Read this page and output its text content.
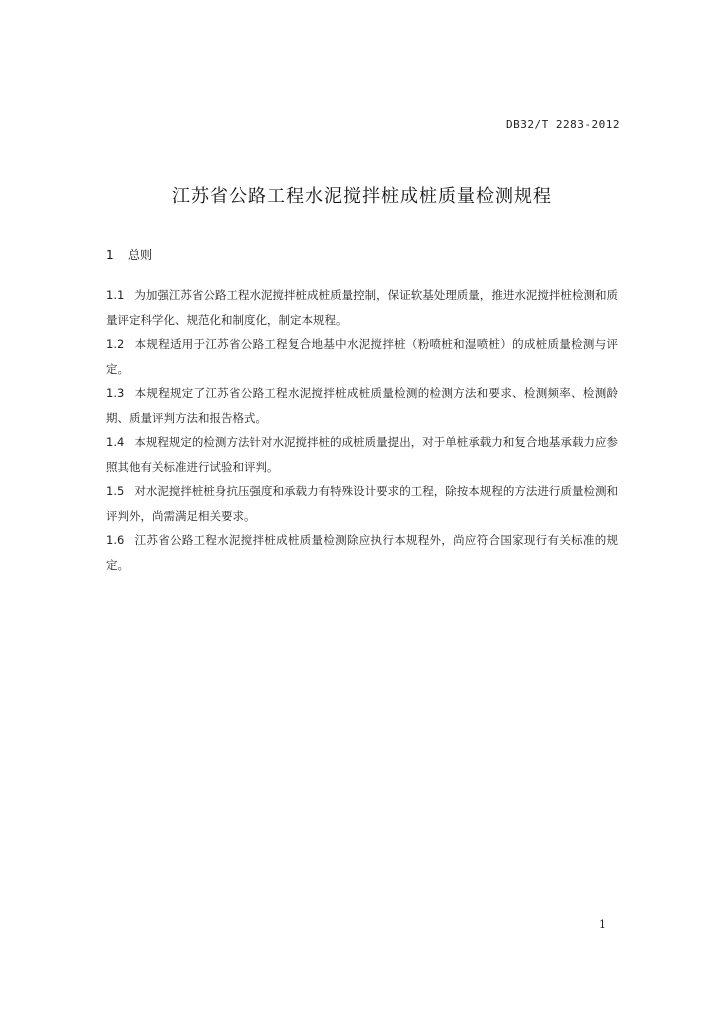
DB32/T 2283-2012
江苏省公路工程水泥搅拌桩成桩质量检测规程
1 总则
1.1 为加强江苏省公路工程水泥搅拌桩成桩质量控制，保证软基处理质量，推进水泥搅拌桩检测和质量评定科学化、规范化和制度化，制定本规程。
1.2 本规程适用于江苏省公路工程复合地基中水泥搅拌桩（粉喷桩和湿喷桩）的成桩质量检测与评定。
1.3 本规程规定了江苏省公路工程水泥搅拌桩成桩质量检测的检测方法和要求、检测频率、检测龄期、质量评判方法和报告格式。
1.4 本规程规定的检测方法针对水泥搅拌桩的成桩质量提出，对于单桩承载力和复合地基承载力应参照其他有关标准进行试验和评判。
1.5 对水泥搅拌桩桩身抗压强度和承载力有特殊设计要求的工程，除按本规程的方法进行质量检测和评判外，尚需满足相关要求。
1.6 江苏省公路工程水泥搅拌桩成桩质量检测除应执行本规程外，尚应符合国家现行有关标准的规定。
1
